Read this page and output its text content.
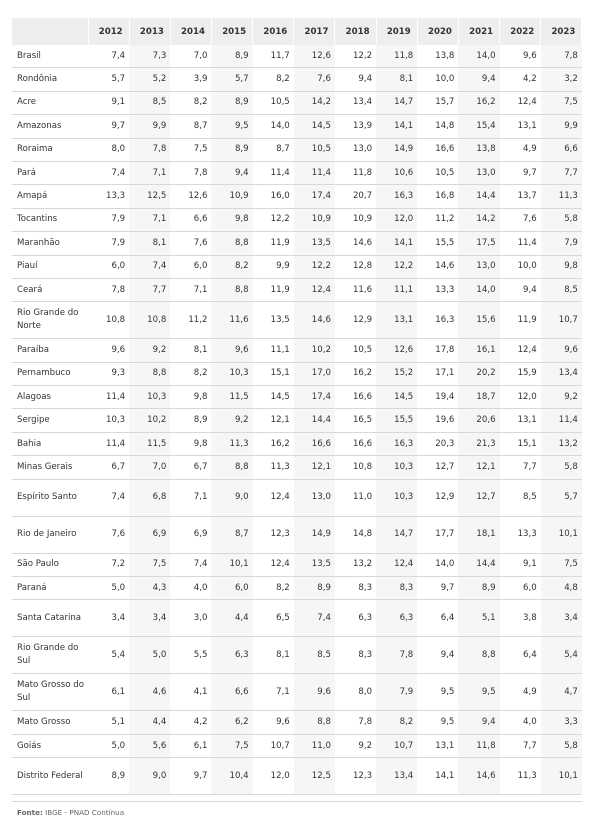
	2012	2013	2014	2015	2016	2017	2018	2019	2020	2021	2022	2023
Brasil	7,4	7,3	7,0	8,9	11,7	12,6	12,2	11,8	13,8	14,0	9,6	7,8
Rondônia	5,7	5,2	3,9	5,7	8,2	7,6	9,4	8,1	10,0	9,4	4,2	3,2
Acre	9,1	8,5	8,2	8,9	10,5	14,2	13,4	14,7	15,7	16,2	12,4	7,5
Amazonas	9,7	9,9	8,7	9,5	14,0	14,5	13,9	14,1	14,8	15,4	13,1	9,9
Roraima	8,0	7,8	7,5	8,9	8,7	10,5	13,0	14,9	16,6	13,8	4,9	6,6
Pará	7,4	7,1	7,8	9,4	11,4	11,4	11,8	10,6	10,5	13,0	9,7	7,7
Amapá	13,3	12,5	12,6	10,9	16,0	17,4	20,7	16,3	16,8	14,4	13,7	11,3
Tocantins	7,9	7,1	6,6	9,8	12,2	10,9	10,9	12,0	11,2	14,2	7,6	5,8
Maranhão	7,9	8,1	7,6	8,8	11,9	13,5	14,6	14,1	15,5	17,5	11,4	7,9
Piauí	6,0	7,4	6,0	8,2	9,9	12,2	12,8	12,2	14,6	13,0	10,0	9,8
Ceará	7,8	7,7	7,1	8,8	11,9	12,4	11,6	11,1	13,3	14,0	9,4	8,5
Rio Grande do Norte	10,8	10,8	11,2	11,6	13,5	14,6	12,9	13,1	16,3	15,6	11,9	10,7
Paraíba	9,6	9,2	8,1	9,6	11,1	10,2	10,5	12,6	17,8	16,1	12,4	9,6
Pernambuco	9,3	8,8	8,2	10,3	15,1	17,0	16,2	15,2	17,1	20,2	15,9	13,4
Alagoas	11,4	10,3	9,8	11,5	14,5	17,4	16,6	14,5	19,4	18,7	12,0	9,2
Sergipe	10,3	10,2	8,9	9,2	12,1	14,4	16,5	15,5	19,6	20,6	13,1	11,4
Bahia	11,4	11,5	9,8	11,3	16,2	16,6	16,6	16,3	20,3	21,3	15,1	13,2
Minas Gerais	6,7	7,0	6,7	8,8	11,3	12,1	10,8	10,3	12,7	12,1	7,7	5,8
Espírito Santo	7,4	6,8	7,1	9,0	12,4	13,0	11,0	10,3	12,9	12,7	8,5	5,7
Rio de Janeiro	7,6	6,9	6,9	8,7	12,3	14,9	14,8	14,7	17,7	18,1	13,3	10,1
São Paulo	7,2	7,5	7,4	10,1	12,4	13,5	13,2	12,4	14,0	14,4	9,1	7,5
Paraná	5,0	4,3	4,0	6,0	8,2	8,9	8,3	8,3	9,7	8,9	6,0	4,8
Santa Catarina	3,4	3,4	3,0	4,4	6,5	7,4	6,3	6,3	6,4	5,1	3,8	3,4
Rio Grande do Sul	5,4	5,0	5,5	6,3	8,1	8,5	8,3	7,8	9,4	8,8	6,4	5,4
Mato Grosso do Sul	6,1	4,6	4,1	6,6	7,1	9,6	8,0	7,9	9,5	9,5	4,9	4,7
Mato Grosso	5,1	4,4	4,2	6,2	9,6	8,8	7,8	8,2	9,5	9,4	4,0	3,3
Goiás	5,0	5,6	6,1	7,5	10,7	11,0	9,2	10,7	13,1	11,8	7,7	5,8
Distrito Federal	8,9	9,0	9,7	10,4	12,0	12,5	12,3	13,4	14,1	14,6	11,3	10,1
Fonte: IBGE - PNAD Contínua
